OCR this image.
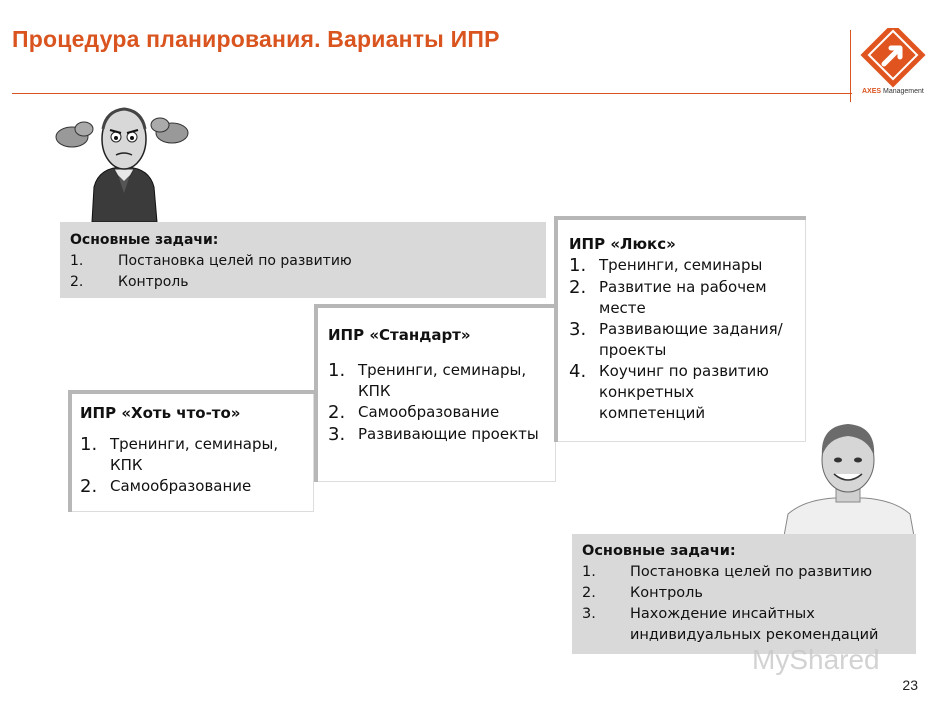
Процедура планирования. Варианты ИПР
AXES Management
Основные задачи:
1.	Постановка целей по развитию
2.	Контроль
ИПР «Хоть что-то»
1. Тренинги, семинары, КПК
2. Самообразование
ИПР «Стандарт»
1. Тренинги, семинары, КПК
2. Самообразование
3. Развивающие проекты
ИПР «Люкс»
1. Тренинги, семинары
2. Развитие на рабочем месте
3. Развивающие задания/проекты
4. Коучинг по развитию конкретных компетенций
Основные задачи:
1.	Постановка целей по развитию
2.	Контроль
3.	Нахождение инсайтных индивидуальных рекомендаций
MyShared
23
